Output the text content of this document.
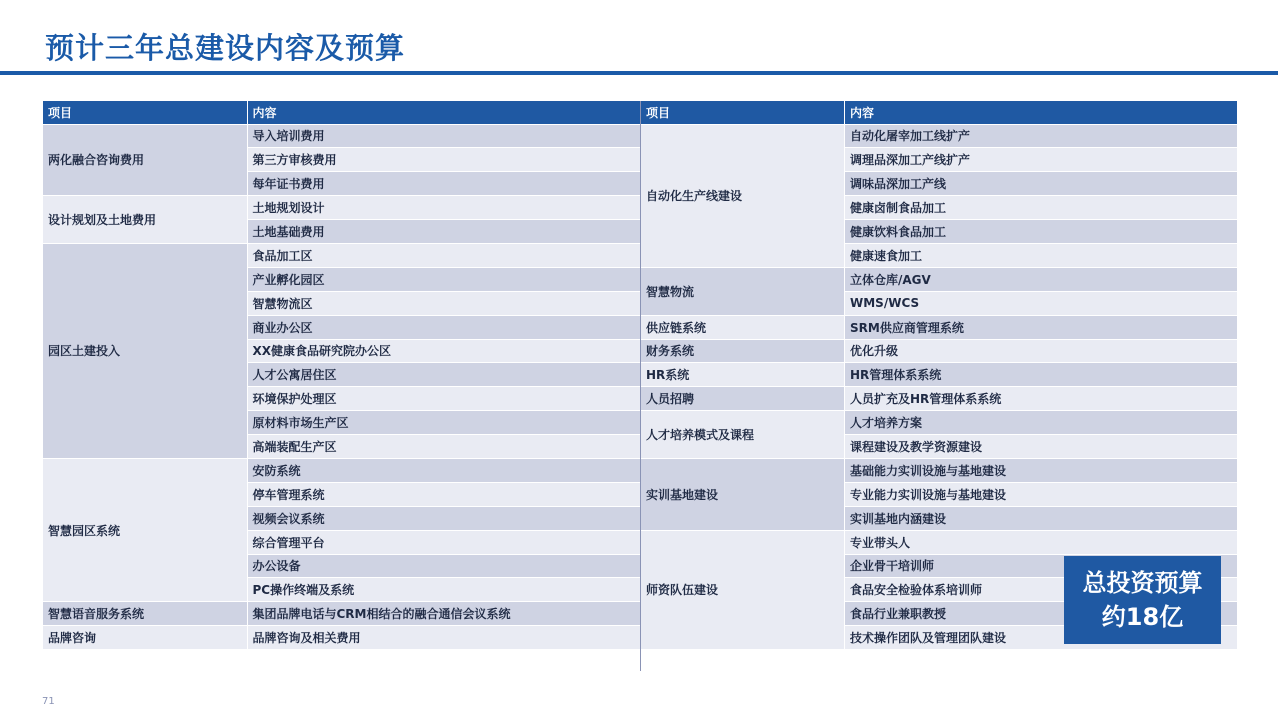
预计三年总建设内容及预算
项目	内容
两化融合咨询费用	导入培训费用
	第三方审核费用
	每年证书费用
设计规划及土地费用	土地规划设计
	土地基础费用
园区土建投入	食品加工区
	产业孵化园区
	智慧物流区
	商业办公区
	XX健康食品研究院办公区
	人才公寓居住区
	环境保护处理区
	原材料市场生产区
	高端装配生产区
智慧园区系统	安防系统
	停车管理系统
	视频会议系统
	综合管理平台
	办公设备
	PC操作终端及系统
智慧语音服务系统	集团品牌电话与CRM相结合的融合通信会议系统
品牌咨询	品牌咨询及相关费用
项目	内容
自动化生产线建设	自动化屠宰加工线扩产
	调理品深加工产线扩产
	调味品深加工产线
	健康卤制食品加工
	健康饮料食品加工
	健康速食加工
智慧物流	立体仓库/AGV
	WMS/WCS
供应链系统	SRM供应商管理系统
财务系统	优化升级
HR系统	HR管理体系系统
人员招聘	人员扩充及HR管理体系系统
人才培养模式及课程	人才培养方案
	课程建设及教学资源建设
实训基地建设	基础能力实训设施与基地建设
	专业能力实训设施与基地建设
	实训基地内涵建设
师资队伍建设	专业带头人
	企业骨干培训师
	食品安全检验体系培训师
	食品行业兼职教授
	技术操作团队及管理团队建设
总投资预算
约18亿
71
